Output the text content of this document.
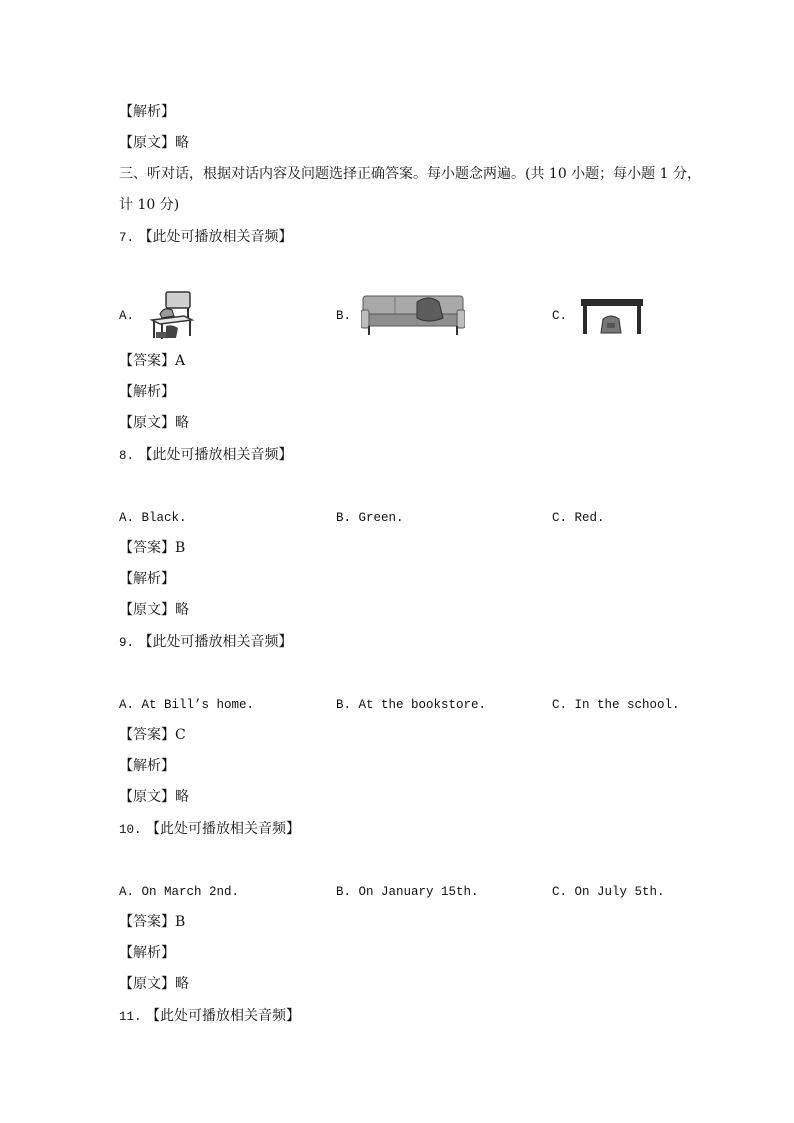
【解析】
【原文】略
三、听对话，根据对话内容及问题选择正确答案。每小题念两遍。(共 10 小题；每小题 1 分，
计 10 分)
7. 【此处可播放相关音频】
A.	B.	C.
【答案】A
【解析】
【原文】略
8. 【此处可播放相关音频】
A. Black.	B. Green.	C. Red.
【答案】B
【解析】
【原文】略
9. 【此处可播放相关音频】
A. At Bill’s home.	B. At the bookstore.	C. In the school.
【答案】C
【解析】
【原文】略
10. 【此处可播放相关音频】
A. On March 2nd.	B. On January 15th.	C. On July 5th.
【答案】B
【解析】
【原文】略
11. 【此处可播放相关音频】
